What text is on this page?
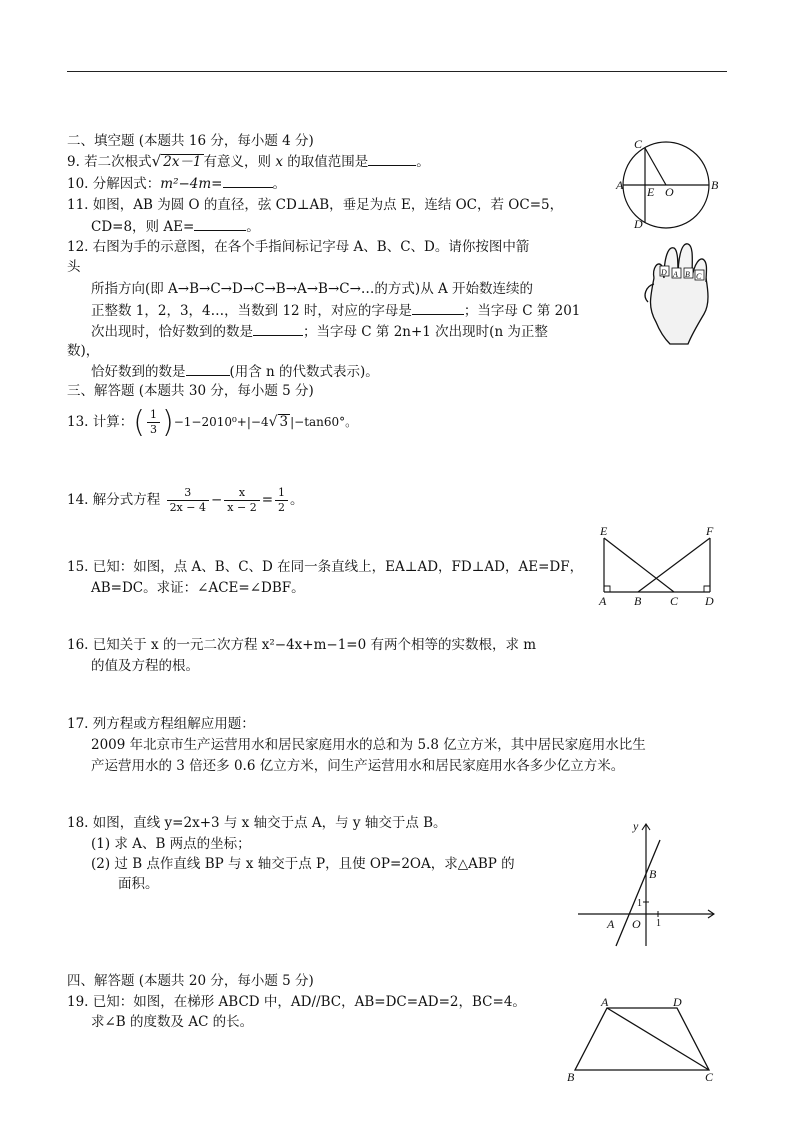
二、填空题 (本题共 16 分，每小题 4 分)
9. 若二次根式√ 2x－1 有意义，则 x 的取值范围是	。
10. 分解因式：m²−4m=	。
11. 如图，AB 为圆 O 的直径，弦 CD⊥AB，垂足为点 E，连结 OC，若 OC=5，
CD=8，则 AE=	。
12. 右图为手的示意图，在各个手指间标记字母 A、B、C、D。请你按图中箭
头
所指方向(即 A→B→C→D→C→B→A→B→C→…的方式)从 A 开始数连续的
正整数 1，2，3，4…，当数到 12 时，对应的字母是	；当字母 C 第 201
次出现时，恰好数到的数是	；当字母 C 第 2n+1 次出现时(n 为正整
数)，
恰好数到的数是	(用含 n 的代数式表示)。
三、解答题 (本题共 30 分，每小题 5 分)
13. 计算：( $\frac{1}{3} )-1-2010^0+|-4√$ 3 |−tan60°。
14. 解分式方程 $\frac{3}{2x - 4} - \frac{x}{x - 2} = \frac{1}{2}$ 。
15. 已知：如图，点 A、B、C、D 在同一条直线上，EA⊥AD，FD⊥AD，AE=DF，
AB=DC。求证：∠ACE=∠DBF。
16. 已知关于 x 的一元二次方程 x²−4x+m−1=0 有两个相等的实数根，求 m
的值及方程的根。
17. 列方程或方程组解应用题：
2009 年北京市生产运营用水和居民家庭用水的总和为 5.8 亿立方米，其中居民家庭用水比生
产运营用水的 3 倍还多 0.6 亿立方米，问生产运营用水和居民家庭用水各多少亿立方米。
18. 如图，直线 y=2x+3 与 x 轴交于点 A，与 y 轴交于点 B。
(1) 求 A、B 两点的坐标；
(2) 过 B 点作直线 BP 与 x 轴交于点 P，且使 OP=2OA，求△ABP 的
面积。
四、解答题 (本题共 20 分，每小题 5 分)
19. 已知：如图，在梯形 ABCD 中，AD//BC，AB=DC=AD=2，BC=4。
求∠B 的度数及 AC 的长。
C
A E O	B
D
D A B C
E	F
A B C D
y
B
1
A O 1
A	D
B	C
